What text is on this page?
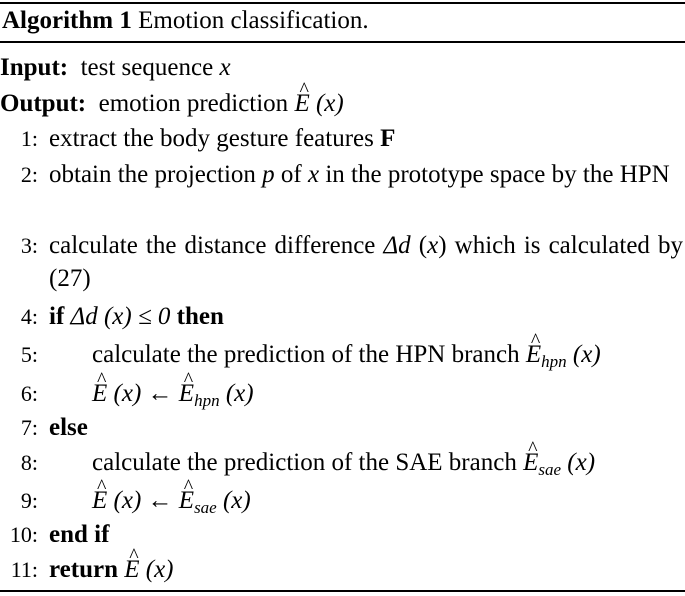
Algorithm 1 Emotion classification.
Input: test sequence x
Output: emotion prediction ^ E (x)
1: extract the body gesture features F
2: obtain the projection p of x in the prototype space by the HPN
3: calculate the distance difference Δd (x) which is calculated by (27)
4: if Δd (x) ≤ 0 then
5: calculate the prediction of the HPN branch ^ $E_{hpn}$ (x)
6: ^ E (x) ← ^ $E_{hpn}$ (x)
7: else
8: calculate the prediction of the SAE branch ^ $E_{sae}$ (x)
9: ^ E (x) ← ^ $E_{sae}$ (x)
10: end if
11: return ^ E (x)
